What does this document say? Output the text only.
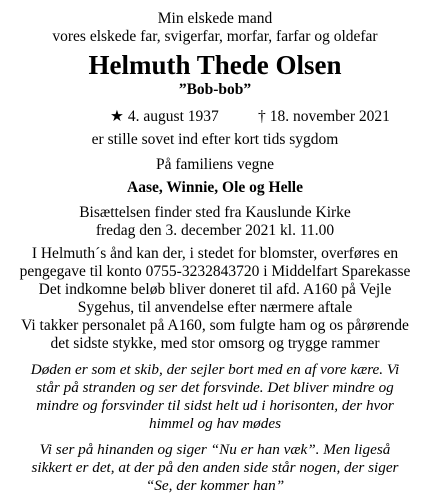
Min elskede mand
vores elskede far, svigerfar, morfar, farfar og oldefar
Helmuth Thede Olsen
”Bob-bob”
★ 4. august 1937	† 18. november 2021
er stille sovet ind efter kort tids sygdom
På familiens vegne
Aase, Winnie, Ole og Helle
Bisættelsen finder sted fra Kauslunde Kirke
fredag den 3. december 2021 kl. 11.00
I Helmuth´s ånd kan der, i stedet for blomster, overføres en
pengegave til konto 0755-3232843720 i Middelfart Sparekasse
Det indkomne beløb bliver doneret til afd. A160 på Vejle
Sygehus, til anvendelse efter nærmere aftale
Vi takker personalet på A160, som fulgte ham og os pårørende
det sidste stykke, med stor omsorg og trygge rammer
Døden er som et skib, der sejler bort med en af vore kære. Vi
står på stranden og ser det forsvinde. Det bliver mindre og
mindre og forsvinder til sidst helt ud i horisonten, der hvor
himmel og hav mødes
Vi ser på hinanden og siger “Nu er han væk”. Men ligeså
sikkert er det, at der på den anden side står nogen, der siger
“Se, der kommer han”
